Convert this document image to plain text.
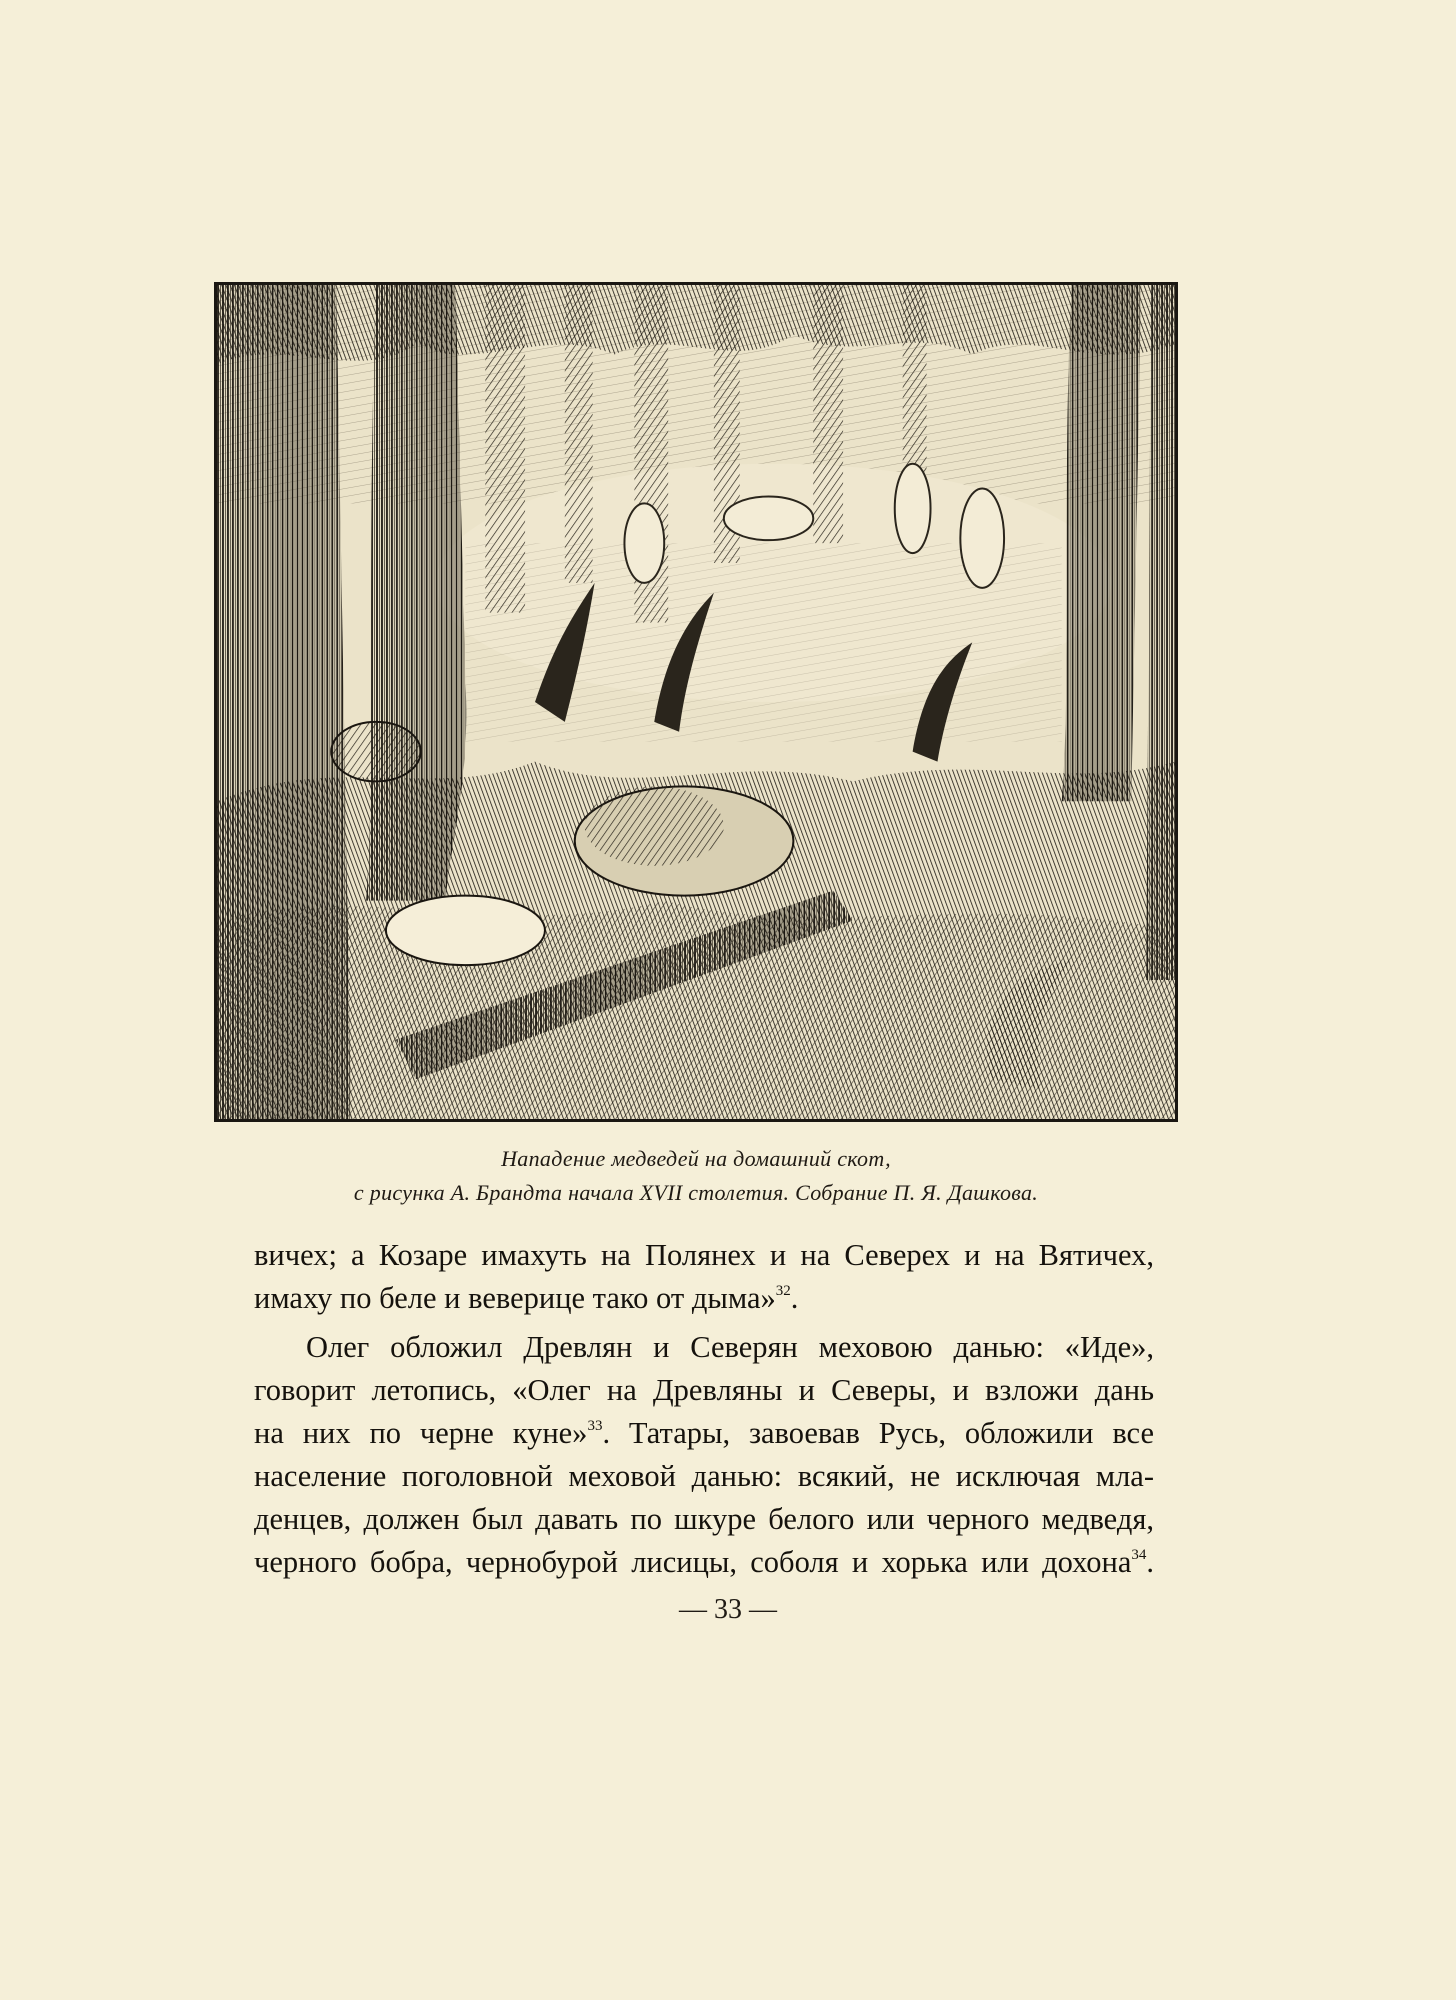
Нападение медведей на домашний скот,
с рисунка А. Брандта начала XVII столетия. Собрание П. Я. Дашкова.
вичех; а Козаре имахуть на Полянех и на Северех и на Вятичех,
имаху по беле и веверице тако от дыма»$^{32}$.
Олег обложил Древлян и Северян меховою данью: «Иде»,
говорит летопись, «Олег на Древляны и Северы, и взложи дань
на них по черне куне»$^{33}$. Татары, завоевав Русь, обложили все
население поголовной меховой данью: всякий, не исключая мла-
денцев, должен был давать по шкуре белого или черного медведя,
черного бобра, чернобурой лисицы, соболя и хорька или дохона$^{34}$.
— 33 —
